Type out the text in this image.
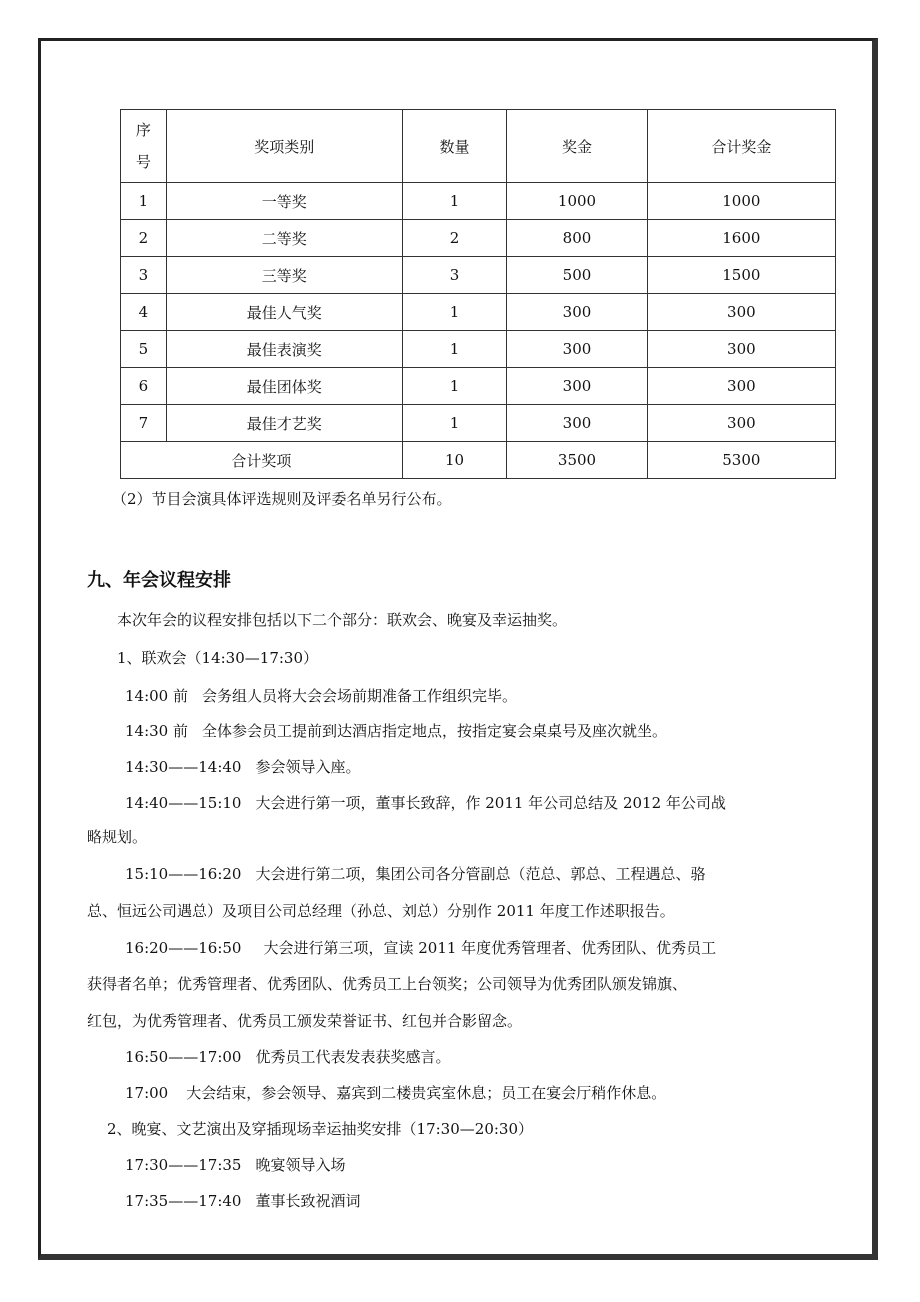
序号	奖项类别	数量	奖金	合计奖金
1	一等奖	1	1000	1000
2	二等奖	2	800	1600
3	三等奖	3	500	1500
4	最佳人气奖	1	300	300
5	最佳表演奖	1	300	300
6	最佳团体奖	1	300	300
7	最佳才艺奖	1	300	300
合计奖项		10	3500	5300
（2）节目会演具体评选规则及评委名单另行公布。
九、年会议程安排
本次年会的议程安排包括以下二个部分：联欢会、晚宴及幸运抽奖。
1、联欢会（14:30—17:30）
14:00 前 会务组人员将大会会场前期准备工作组织完毕。
14:30 前 全体参会员工提前到达酒店指定地点，按指定宴会桌桌号及座次就坐。
14:30——14:40 参会领导入座。
14:40——15:10 大会进行第一项，董事长致辞，作 2011 年公司总结及 2012 年公司战
略规划。
15:10——16:20 大会进行第二项，集团公司各分管副总（范总、郭总、工程遇总、骆
总、恒远公司遇总）及项目公司总经理（孙总、刘总）分别作 2011 年度工作述职报告。
16:20——16:50 大会进行第三项，宣读 2011 年度优秀管理者、优秀团队、优秀员工
获得者名单；优秀管理者、优秀团队、优秀员工上台领奖；公司领导为优秀团队颁发锦旗、
红包，为优秀管理者、优秀员工颁发荣誉证书、红包并合影留念。
16:50——17:00 优秀员工代表发表获奖感言。
17:00 大会结束，参会领导、嘉宾到二楼贵宾室休息；员工在宴会厅稍作休息。
2、晚宴、文艺演出及穿插现场幸运抽奖安排（17:30—20:30）
17:30——17:35 晚宴领导入场
17:35——17:40 董事长致祝酒词
